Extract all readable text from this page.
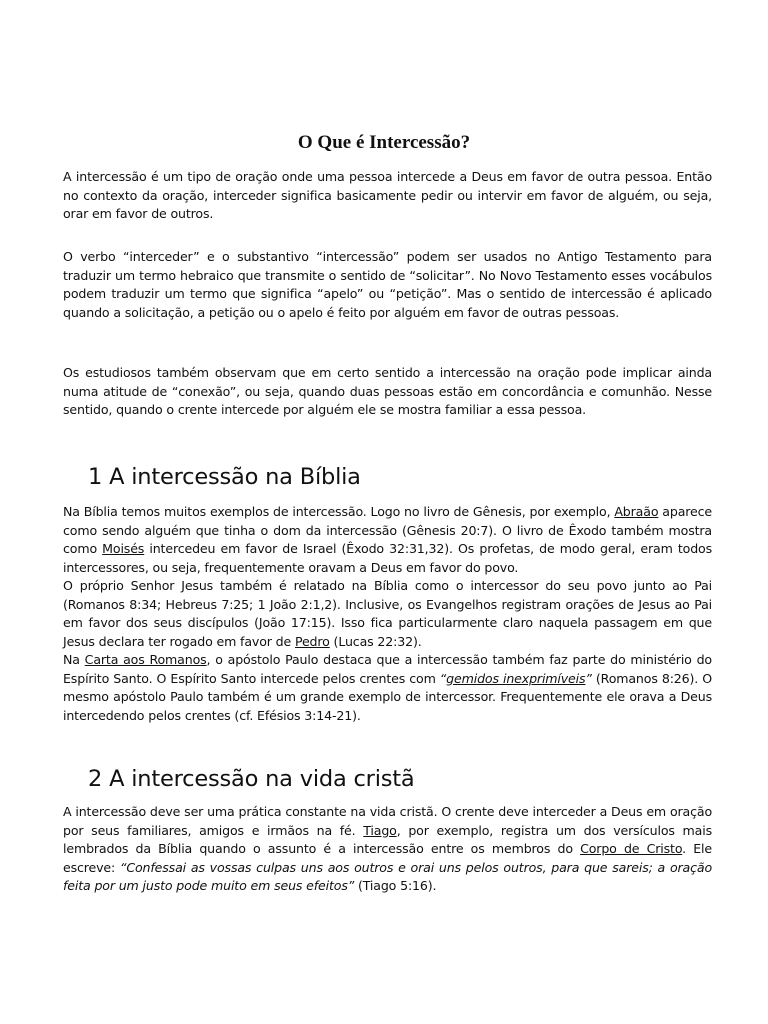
O Que é Intercessão?

A intercessão é um tipo de oração onde uma pessoa intercede a Deus em favor de outra pessoa. Então no contexto da oração, interceder significa basicamente pedir ou intervir em favor de alguém, ou seja, orar em favor de outros.

O verbo “interceder” e o substantivo “intercessão” podem ser usados no Antigo Testamento para traduzir um termo hebraico que transmite o sentido de “solicitar”. No Novo Testamento esses vocábulos podem traduzir um termo que significa “apelo” ou “petição”. Mas o sentido de intercessão é aplicado quando a solicitação, a petição ou o apelo é feito por alguém em favor de outras pessoas.

Os estudiosos também observam que em certo sentido a intercessão na oração pode implicar ainda numa atitude de “conexão”, ou seja, quando duas pessoas estão em concordância e comunhão. Nesse sentido, quando o crente intercede por alguém ele se mostra familiar a essa pessoa.

1 A intercessão na Bíblia

Na Bíblia temos muitos exemplos de intercessão. Logo no livro de Gênesis, por exemplo, Abraão aparece como sendo alguém que tinha o dom da intercessão (Gênesis 20:7). O livro de Êxodo também mostra como Moisés intercedeu em favor de Israel (Êxodo 32:31,32). Os profetas, de modo geral, eram todos intercessores, ou seja, frequentemente oravam a Deus em favor do povo.
O próprio Senhor Jesus também é relatado na Bíblia como o intercessor do seu povo junto ao Pai (Romanos 8:34; Hebreus 7:25; 1 João 2:1,2). Inclusive, os Evangelhos registram orações de Jesus ao Pai em favor dos seus discípulos (João 17:15). Isso fica particularmente claro naquela passagem em que Jesus declara ter rogado em favor de Pedro (Lucas 22:32).
Na Carta aos Romanos, o apóstolo Paulo destaca que a intercessão também faz parte do ministério do Espírito Santo. O Espírito Santo intercede pelos crentes com “gemidos inexprimíveis” (Romanos 8:26). O mesmo apóstolo Paulo também é um grande exemplo de intercessor. Frequentemente ele orava a Deus intercedendo pelos crentes (cf. Efésios 3:14-21).

2 A intercessão na vida cristã

A intercessão deve ser uma prática constante na vida cristã. O crente deve interceder a Deus em oração por seus familiares, amigos e irmãos na fé. Tiago, por exemplo, registra um dos versículos mais lembrados da Bíblia quando o assunto é a intercessão entre os membros do Corpo de Cristo. Ele escreve: “Confessai as vossas culpas uns aos outros e orai uns pelos outros, para que sareis; a oração feita por um justo pode muito em seus efeitos” (Tiago 5:16).
